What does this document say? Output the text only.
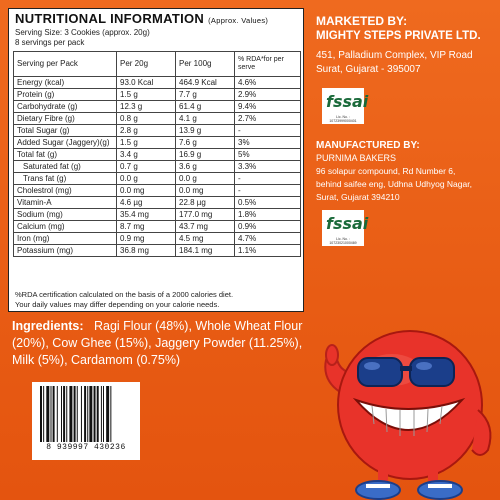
NUTRITIONAL INFORMATION (Approx. Values)
Serving Size: 3 Cookies (approx. 20g)
8 servings per pack
Serving per Pack	Per 20g	Per 100g	% RDA*for per serve
Energy (kcal)	93.0 Kcal	464.9 Kcal	4.6%
Protein (g)	1.5 g	7.7 g	2.9%
Carbohydrate (g)	12.3 g	61.4 g	9.4%
Dietary Fibre (g)	0.8 g	4.1 g	2.7%
Total Sugar (g)	2.8 g	13.9 g	-
Added Sugar (Jaggery)(g)	1.5 g	7.6 g	3%
Total fat (g)	3.4 g	16.9 g	5%
Saturated fat (g)	0.7 g	3.6 g	3.3%
Trans fat (g)	0.0 g	0.0 g	-
Cholestrol (mg)	0.0 mg	0.0 mg	-
Vitamin-A	4.6 µg	22.8 µg	0.5%
Sodium (mg)	35.4 mg	177.0 mg	1.8%
Calcium (mg)	8.7 mg	43.7 mg	0.9%
Iron (mg)	0.9 mg	4.5 mg	4.7%
Potassium (mg)	36.8 mg	184.1 mg	1.1%
%RDA certification calculated on the basis of a 2000 calories diet.
Your daily values may differ depending on your calorie needs.
MARKETED BY:
MIGHTY STEPS PRIVATE LTD.
451, Palladium Complex, VIP Road
Surat, Gujarat - 395007
fssai
Lic. No. : 10723999000401
MANUFACTURED BY:
PURNIMA BAKERS
96 solapur compound, Rd Number 6,
behind saifee eng, Udhna Udhyog Nagar,
Surat, Gujarat 394210
fssai
Lic. No. : 10723021000469
Ingredients: Ragi Flour (48%), Whole Wheat Flour (20%), Cow Ghee (15%), Jaggery Powder (11.25%), Milk (5%), Cardamom (0.75%)
8 939997 430236
